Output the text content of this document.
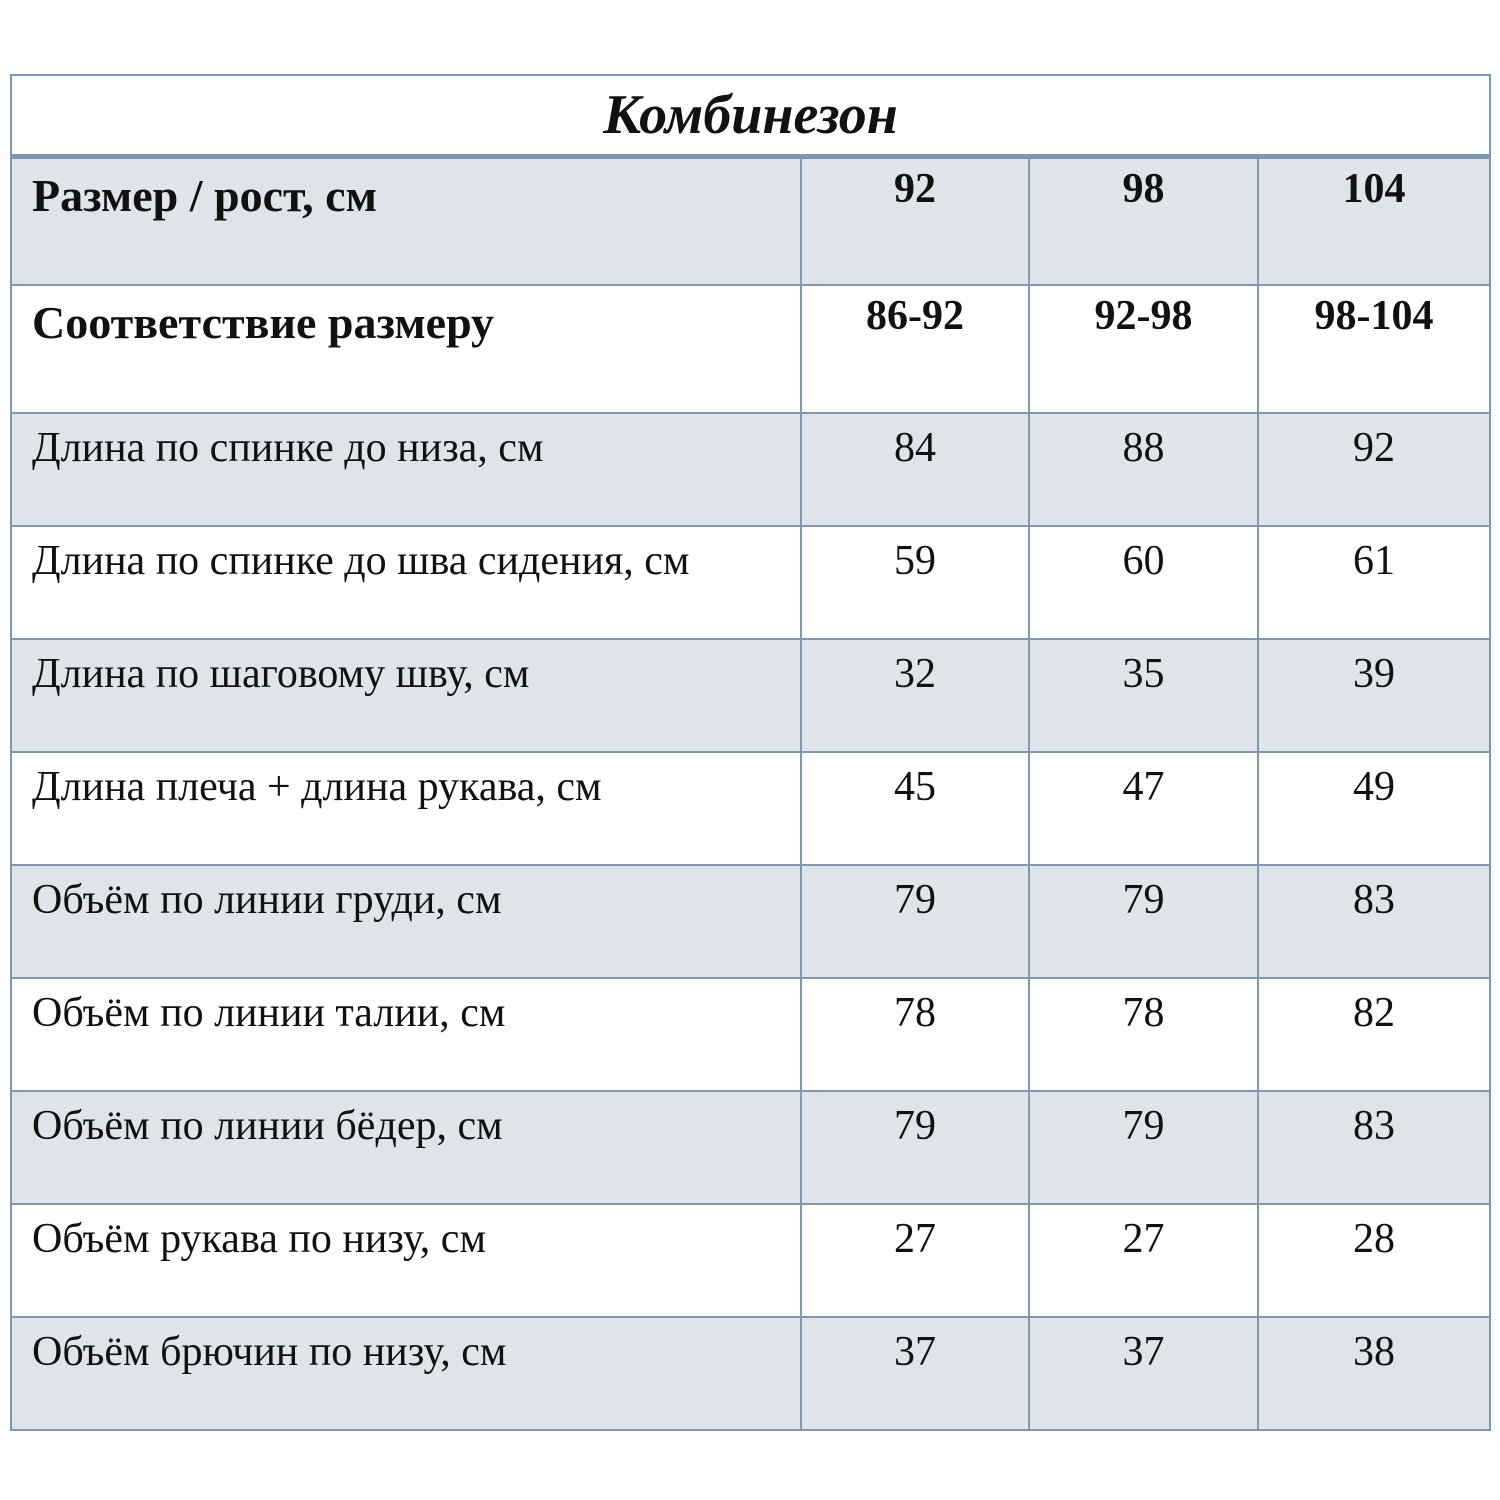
Комбинезон			
Размер / рост, см	92	98	104
Соответствие размеру	86-92	92-98	98-104
Длина по спинке до низа, см	84	88	92
Длина по спинке до шва сидения, см	59	60	61
Длина по шаговому шву, см	32	35	39
Длина плеча + длина рукава, см	45	47	49
Объём по линии груди, см	79	79	83
Объём по линии талии, см	78	78	82
Объём по линии бёдер, см	79	79	83
Объём рукава по низу, см	27	27	28
Объём брючин по низу, см	37	37	38
